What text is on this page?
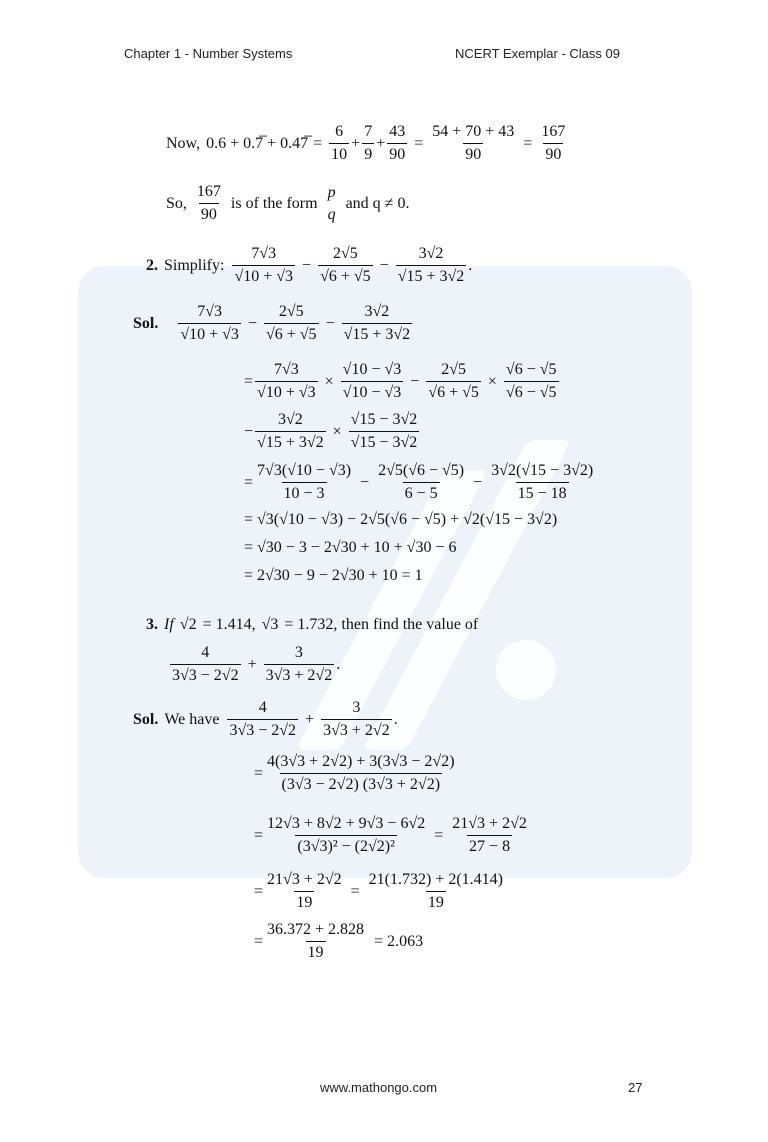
Chapter 1 - Number Systems	NCERT Exemplar - Class 09
Now, 0.6 + 0.7̅ + 0.47̅ = $\frac{6}{10} + \frac{7}{9} + \frac{43}{90} = \frac{54 + 70 + 43}{90} = \frac{167}{90}$
So, $\frac{167}{90}$ is of the form
p
q
and q ≠ 0.
2. Simplify: $\frac{7√3}{√10 + √3} - \frac{2√5}{√6 + √5} - \frac{3√2}{√15 + 3√2}$ .
Sol. $\frac{7√3}{√10 + √3} - \frac{2√5}{√6 + √5} - \frac{3√2}{√15 + 3√2}$
= $\frac{7√3}{√10 + √3} \times \frac{√10 - √3}{√10 - √3} - \frac{2√5}{√6 + √5} \times \frac{√6 - √5}{√6 - √5}$
− $\frac{3√2}{√15 + 3√2} \times \frac{√15 - 3√2}{√15 - 3√2}$
= $\frac{7√3(√10 - √3)}{10 - 3} - \frac{2√5(√6 - √5)}{6 - 5} - \frac{3√2(√15 - 3√2)}{15 - 18}$
= √3(√10 − √3) − 2√5(√6 − √5) + √2(√15 − 3√2)
= √30 − 3 − 2√30 + 10 + √30 − 6
= 2√30 − 9 − 2√30 + 10 = 1
3. If √2 = 1.414, √3 = 1.732, then find the value of
$\frac{4}{3√3 - 2√2} + \frac{3}{3√3 + 2√2}$ .
Sol. We have $\frac{4}{3√3 - 2√2} + \frac{3}{3√3 + 2√2}$ .
= $\frac{4(3√3 + 2√2) + 3(3√3 - 2√2)}{(3√3 - 2√2) (3√3 + 2√2)}$
= $\frac{12√3 + 8√2 + 9√3 - 6√2}{\text{(3√3)² − (2√2)²}} = \frac{21√3 + 2√2}{27 - 8}$
= $\frac{21√3 + 2√2}{19} = \frac{21(1.732) + 2(1.414)}{19}$
= $\frac{36.372 + 2.828}{19} = 2.063$
www.mathongo.com	27
